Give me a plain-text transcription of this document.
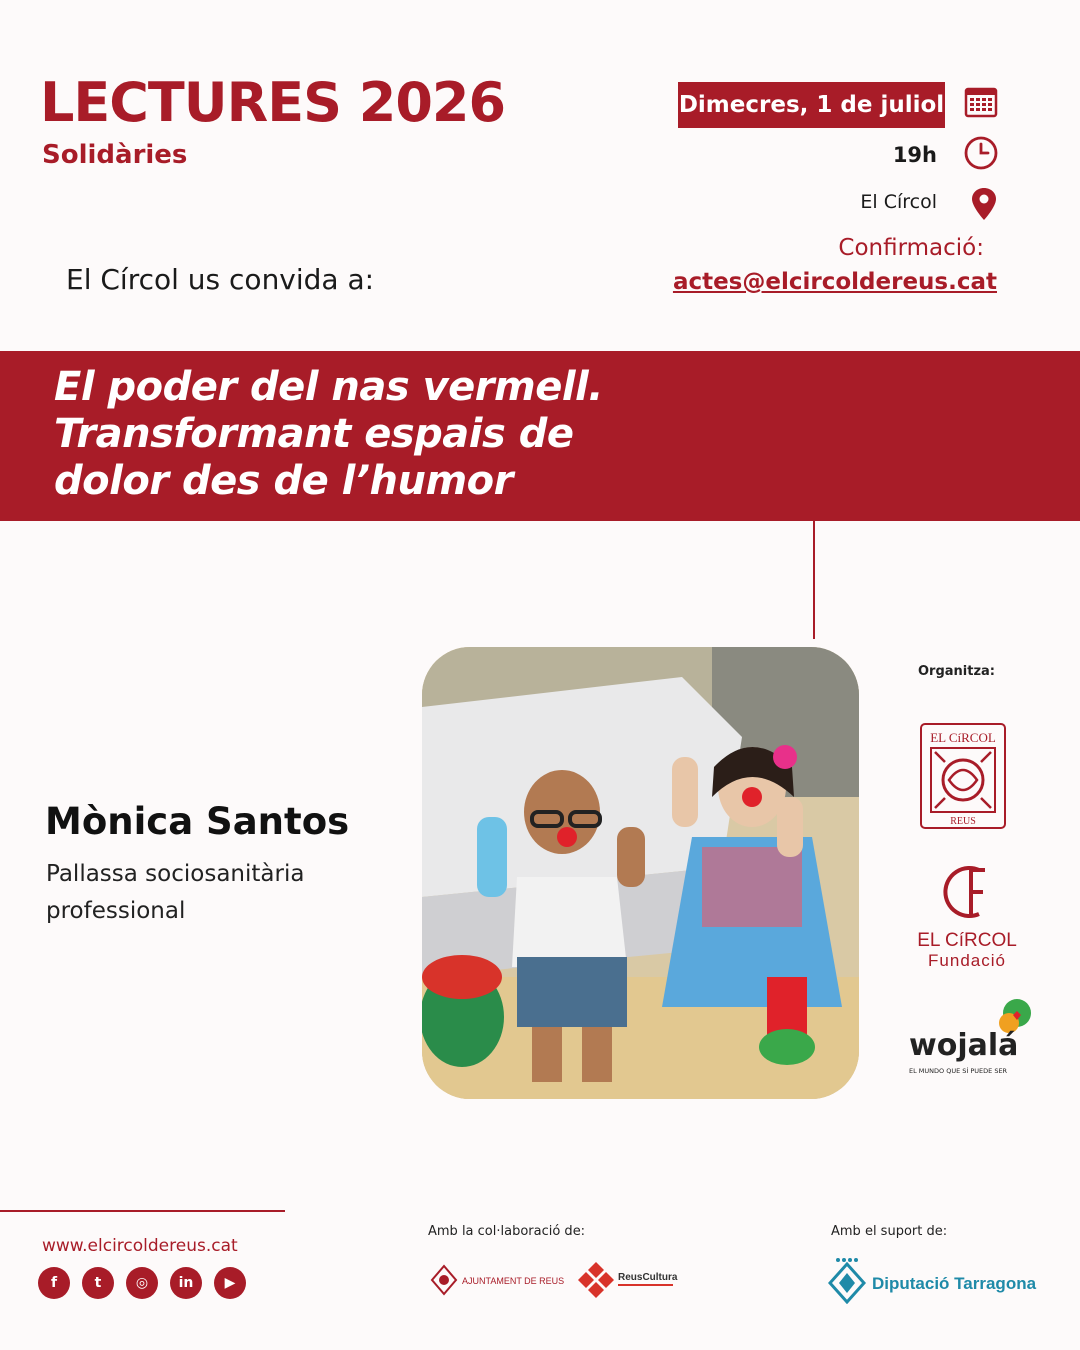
LECTURES 2026
Solidàries
Dimecres, 1 de juliol
19h
El Círcol
Confirmació:
actes@elcircoldereus.cat
El Círcol us convida a:
El poder del nas vermell.
Transformant espais de
dolor des de l’humor
Mònica Santos
Pallassa sociosanitària professional
Organitza:
EL CíRCOL
REUS
EL CíRCOL
Fundació
wojalá
EL MUNDO QUE SÍ PUEDE SER
www.elcircoldereus.cat
f	t	◎	in	▶
Amb la col·laboració de:
AJUNTAMENT DE REUS	ReusCultura
Amb el suport de:
Diputació Tarragona
